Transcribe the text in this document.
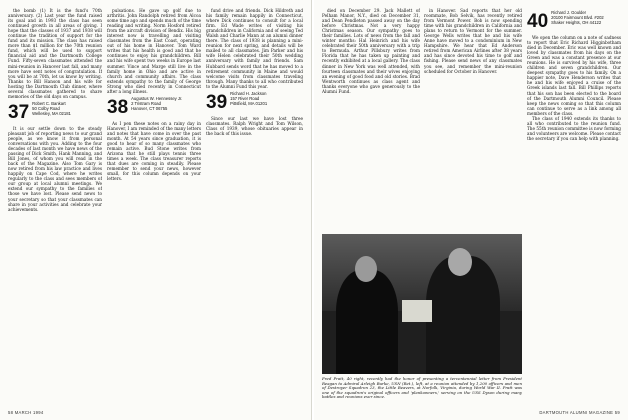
the bomb (1) It is the fund's 70th anniversary. (2) Last year the fund raised its goal and in 1993 the class has seen continued growth in all areas of giving. I hope that the classes of 1937 and 1938 will continue the tradition of support for the fund and its mission. The class has raised more than $1 million for the 70th reunion fund, which will be used to support financial aid and the Dartmouth College Fund. Fifty-seven classmates attended the mini-reunion in Hanover last fall, and many more have sent notes of congratulation. If you will be at 70th, let us know by writing. Thanks to Bill Hanson and his wife for hosting the Dartmouth Club dinner, where several classmates gathered to share memories of the old days on campus.

37 Robert C. Bankart
50 Colby Road
Wellesley, MA 02181

It is our settle down to the steady pleasant job of reporting news to our grand people, as we know it from personal conversations with you. Adding to the four decades of last month we have news of the passing of Dick Smith, Hank Manning, and Bill Jones, of whom you will read in the back of the Magazine. Also Tom Gary is now retired from his law practice and lives happily on Cape Cod, where he writes regularly to the class and sees members of our group at local alumni meetings. We extend our sympathy to the families of those we have lost. Please send news to your secretary so that your classmates can share in your activities and celebrate your achievements.

pulsations. He gave up golf due to arthritis. John Randolph retired from Alcoa some time ago and spends much of the time reading and writing. Norm Hosford retired from the aircraft division of Bendix. His big interest now is travelling and visiting classmates from the East Coast, operating out of his home in Hanover. Tom Ward writes that his health is good and that he continues to enjoy his grandchildren. Bill and his wife spent two weeks in Europe last summer. Vince and Marge still live in the family home in Ohio and are active in church and community affairs. The class extends sympathy to the family of George Strong who died recently in Connecticut after a long illness.

38 Augustus W. Hennessey Jr.
2 Tristram Road
Hanover, CT 06755

As I pen these notes on a rainy day in Hanover, I am reminded of the many letters and notes that have come in over the past month. At 54 years since graduation, it is good to hear of so many classmates who remain active. Bud Stone writes from Arizona that he still plays tennis three times a week. The class treasurer reports that dues are coming in steadily. Please remember to send your news, however small, for this column depends on your letters.

fund drive and friends. Dick Hildreth and his family remain happily in Connecticut, where Dick continues to consult for a local firm. Ed Wade writes of visiting his grandchildren in California and of seeing Ted Walsh and Charlie Mann at an alumni dinner there. The class of 1938 is planning a mini-reunion for next spring, and details will be mailed to all classmates. Jim Parker and his wife Helen celebrated their 50th wedding anniversary with family and friends. Sam Hubbard sends word that he has moved to a retirement community in Maine and would welcome visits from classmates traveling through. Many thanks to all who contributed to the Alumni Fund this year.

39 Richard H. Jackson
157 River Road
Pittsfield, MA 01201

Since our last we have lost three classmates. Ralph Wright and Tom Wilson, Class of 1939, whose obituaries appear in the back of this issue.

58 MARCH 1994

died on December 29. Jack Mallett of Pelham Manor, N.Y., died on December 31, and Dean Pendleton passed away on the day before Christmas. Not a very happy Christmas season. Our sympathy goes to their families. Lots of news from the fall and winter months: Hal Heinrich and his wife celebrated their 50th anniversary with a trip to Bermuda. Arthur Pillsbury writes from Florida that he has taken up painting and recently exhibited at a local gallery. The class dinner in New York was well attended, with fourteen classmates and their wives enjoying an evening of good food and old stories. Brad Wentworth continues as class agent and thanks everyone who gave generously to the Alumni Fund.

in Hanover. Sad reports that her old roommate, Bob Selvik, has recently retired from Vermont Power. Bob is now spending time with his grandchildren in California and plans to return to Vermont for the summer. George Wells writes that he and his wife Anne have moved to a condominium in New Hampshire. We hear that Ed Anderson retired from American Airlines after 38 years and has since devoted his time to golf and fishing. Please send news of any classmates you see, and remember the mini-reunion scheduled for October in Hanover.

Fred Pratt, 40 right, recently had the honor of presenting a tercentennial letter from President Reagan to Admiral Arleigh Burke, USN (Ret.), left, at a reunion attended by 1,200 officers and men of Destroyer Squadron 23, the Little Beavers, at Norfolk, Virginia, during World War II. Pratt was one of the squadron's original officers and 'plankowners,' serving on the USS Dyson during many battles and reunions ever since.
40 Richard J. Goulder
20100 Fairmount Blvd. #202
Shaker Heights, OH 44122

We open the column on a note of sadness to report that Eric Richard Higginbotham died in December. Eric was well known and loved by classmates from his days on the Green and was a constant presence at our reunions. He is survived by his wife, three children and seven grandchildren. Our deepest sympathy goes to his family. On a happier note, Dave Henderson writes that he and his wife enjoyed a cruise of the Greek islands last fall. Bill Phillips reports that his son has been elected to the board of the Dartmouth Alumni Council. Please keep the news coming so that this column can continue to serve as a link among all members of the class.

The class of 1940 extends its thanks to all who contributed to the reunion fund. The 55th reunion committee is now forming and volunteers are welcome. Please contact the secretary if you can help with planning.

DARTMOUTH ALUMNI MAGAZINE 59
